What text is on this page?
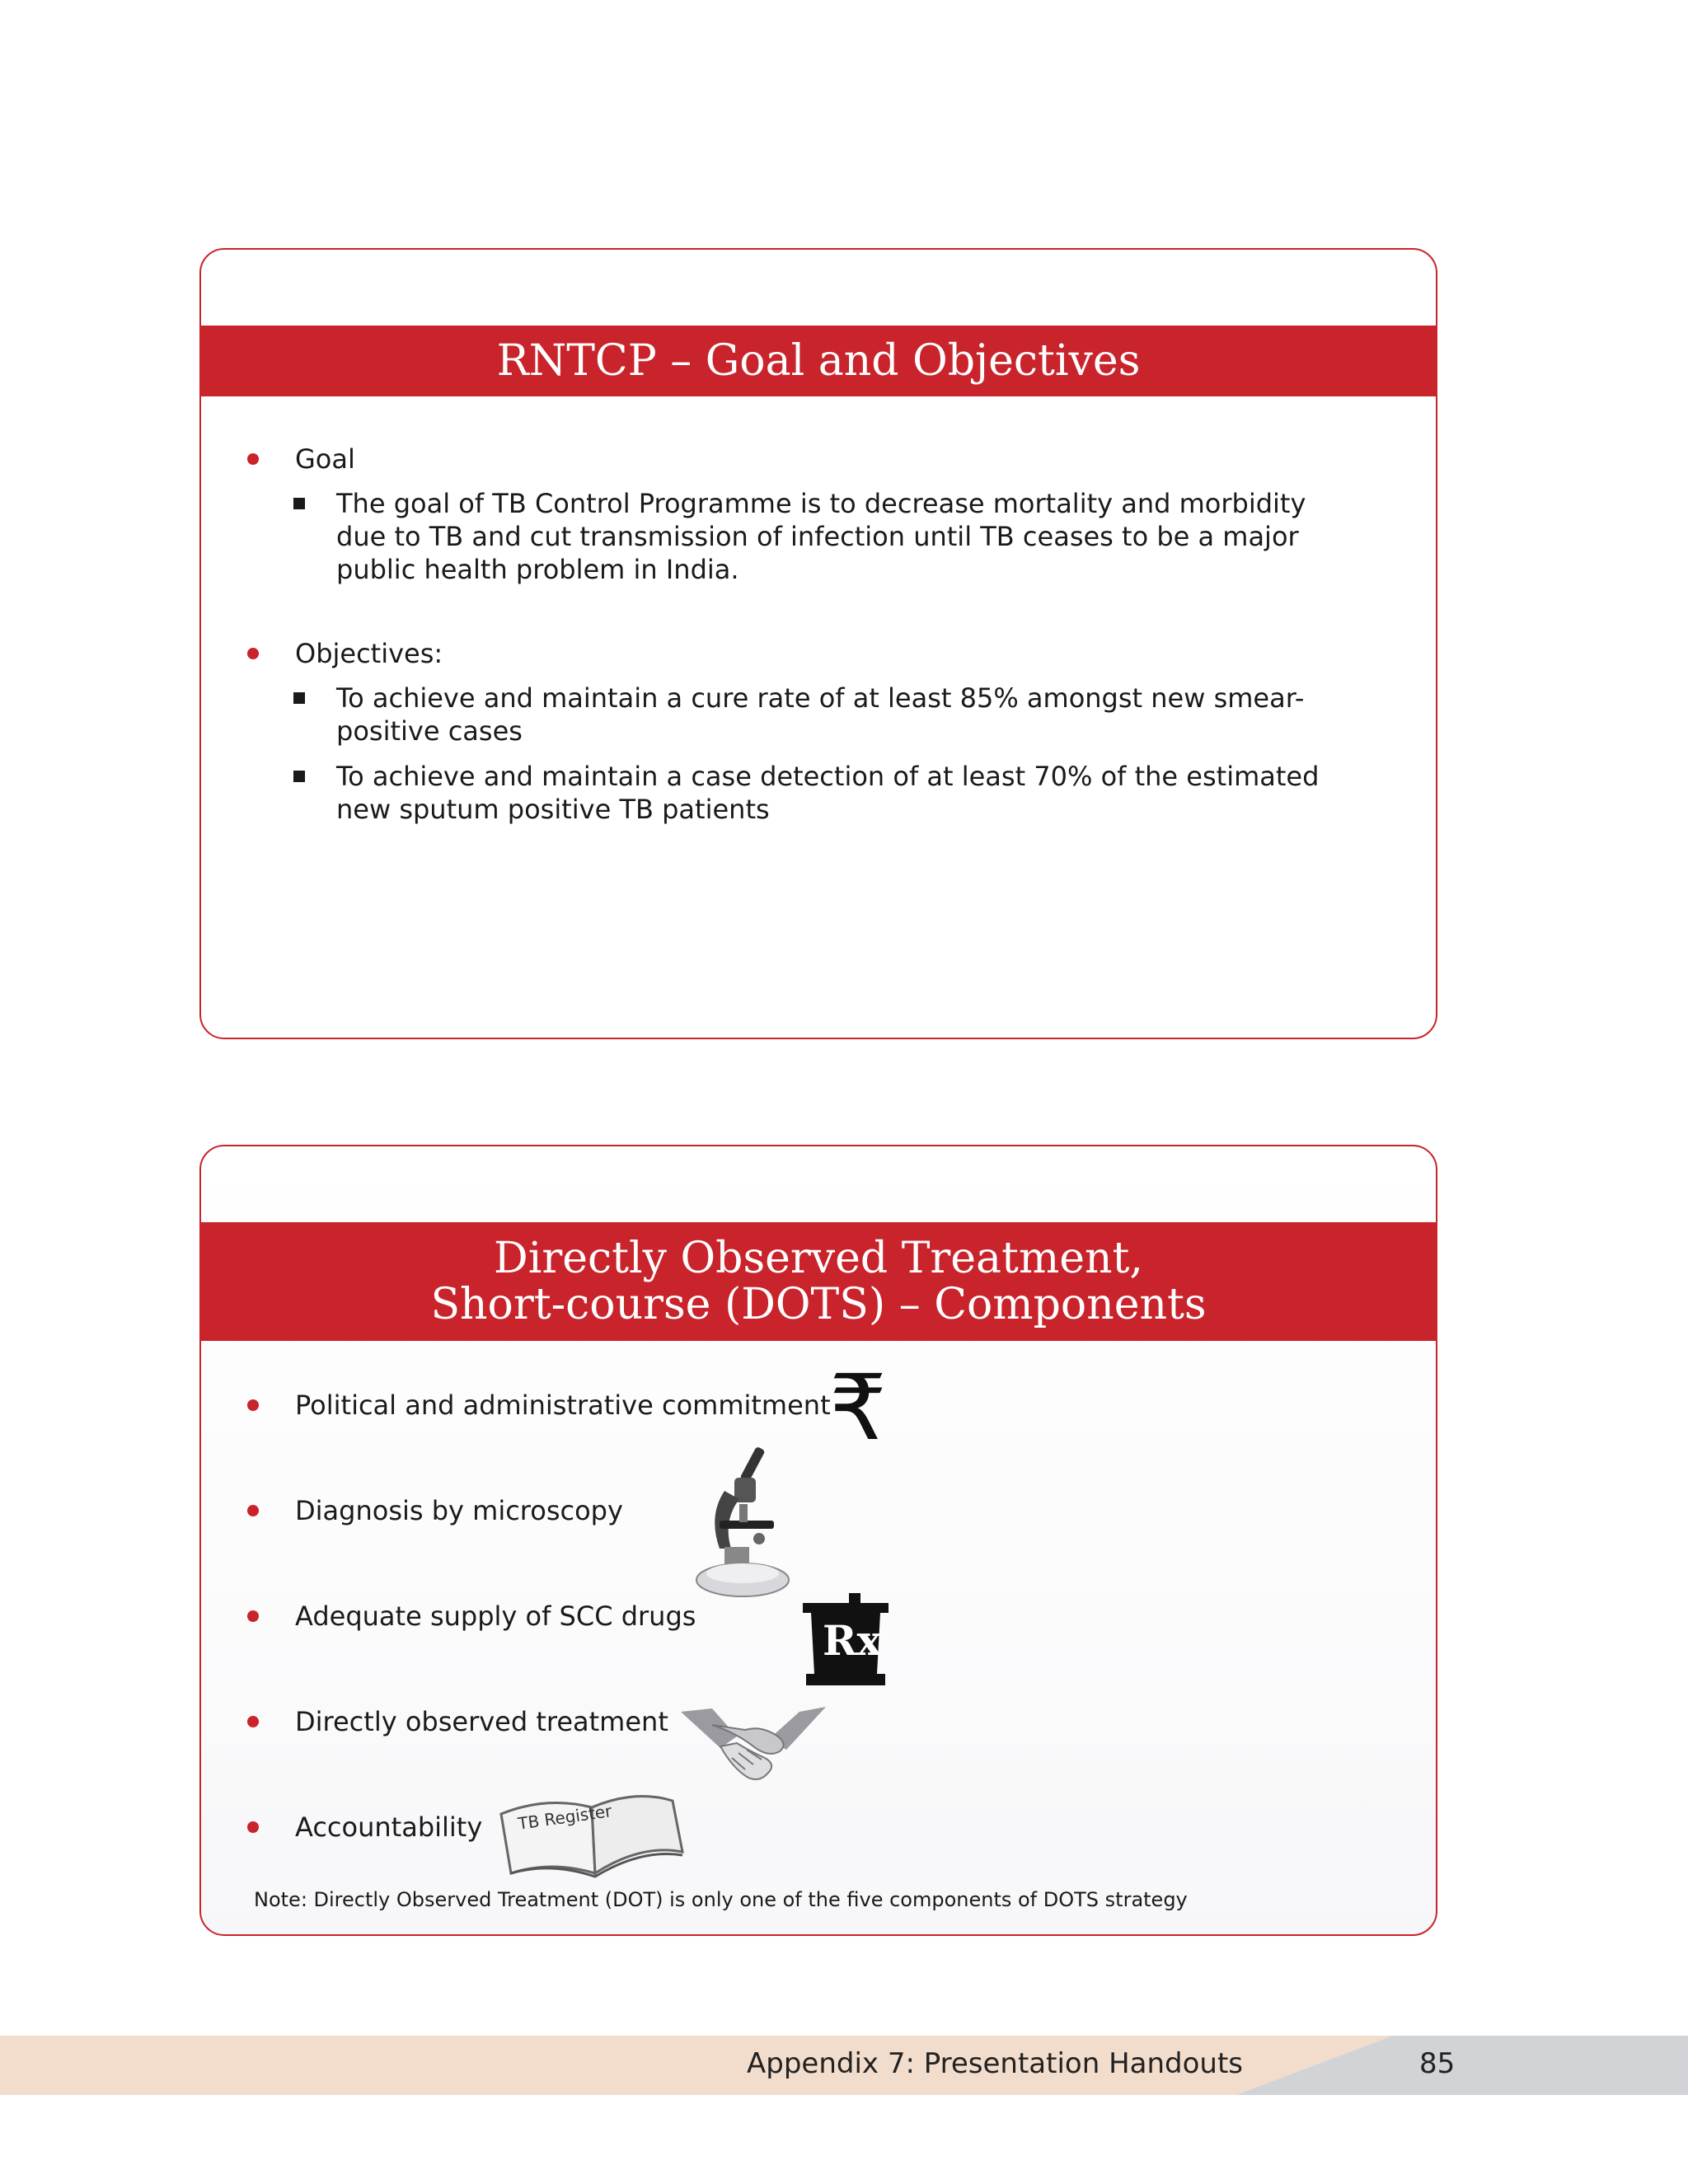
RNTCP – Goal and Objectives
Goal
The goal of TB Control Programme is to decrease mortality and morbidity due to TB and cut transmission of infection until TB ceases to be a major public health problem in India.
Objectives:
To achieve and maintain a cure rate of at least 85% amongst new smear-positive cases
To achieve and maintain a case detection of at least 70% of the estimated new sputum positive TB patients
Directly Observed Treatment,
Short-course (DOTS) – Components
Political and administrative commitment
Diagnosis by microscopy
Adequate supply of SCC drugs
Directly observed treatment
Accountability
₹
Rx
TB Register
Note: Directly Observed Treatment (DOT) is only one of the five components of DOTS strategy
Appendix 7: Presentation Handouts	85
